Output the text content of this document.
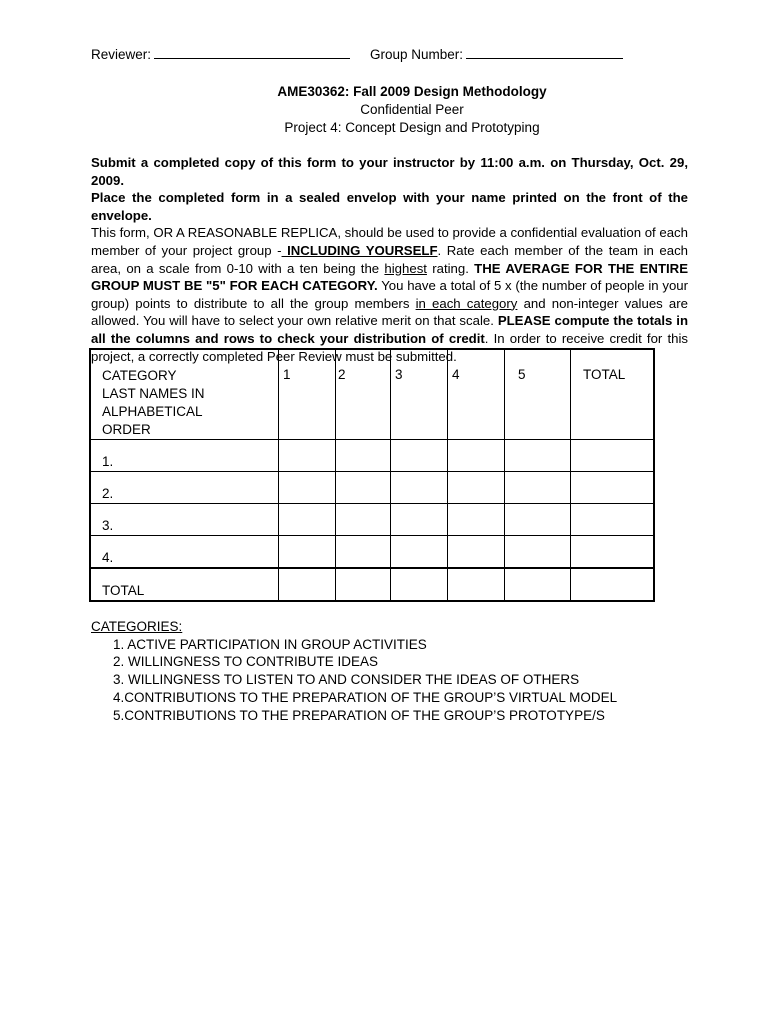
Reviewer:	Group Number:
AME30362: Fall 2009 Design Methodology
Confidential Peer
Project 4: Concept Design and Prototyping

Submit a completed copy of this form to your instructor by 11:00 a.m. on Thursday, Oct. 29, 2009.

Place the completed form in a sealed envelop with your name printed on the front of the envelope.

This form, OR A REASONABLE REPLICA, should be used to provide a confidential evaluation of each member of your project group - INCLUDING YOURSELF. Rate each member of the team in each area, on a scale from 0-10 with a ten being the highest rating. THE AVERAGE FOR THE ENTIRE GROUP MUST BE "5" FOR EACH CATEGORY. You have a total of 5 x (the number of people in your group) points to distribute to all the group members in each category and non-integer values are allowed. You will have to select your own relative merit on that scale. PLEASE compute the totals in all the columns and rows to check your distribution of credit. In order to receive credit for this project, a correctly completed Peer Review must be submitted.

CATEGORY
LAST NAMES IN
ALPHABETICAL
ORDER	1	2	3	4	5	TOTAL
1.						
2.						
3.						
4.						
TOTAL						
CATEGORIES:
1. ACTIVE PARTICIPATION IN GROUP ACTIVITIES
2. WILLINGNESS TO CONTRIBUTE IDEAS
3. WILLINGNESS TO LISTEN TO AND CONSIDER THE IDEAS OF OTHERS
4.CONTRIBUTIONS TO THE PREPARATION OF THE GROUP’S VIRTUAL MODEL
5.CONTRIBUTIONS TO THE PREPARATION OF THE GROUP’S PROTOTYPE/S
